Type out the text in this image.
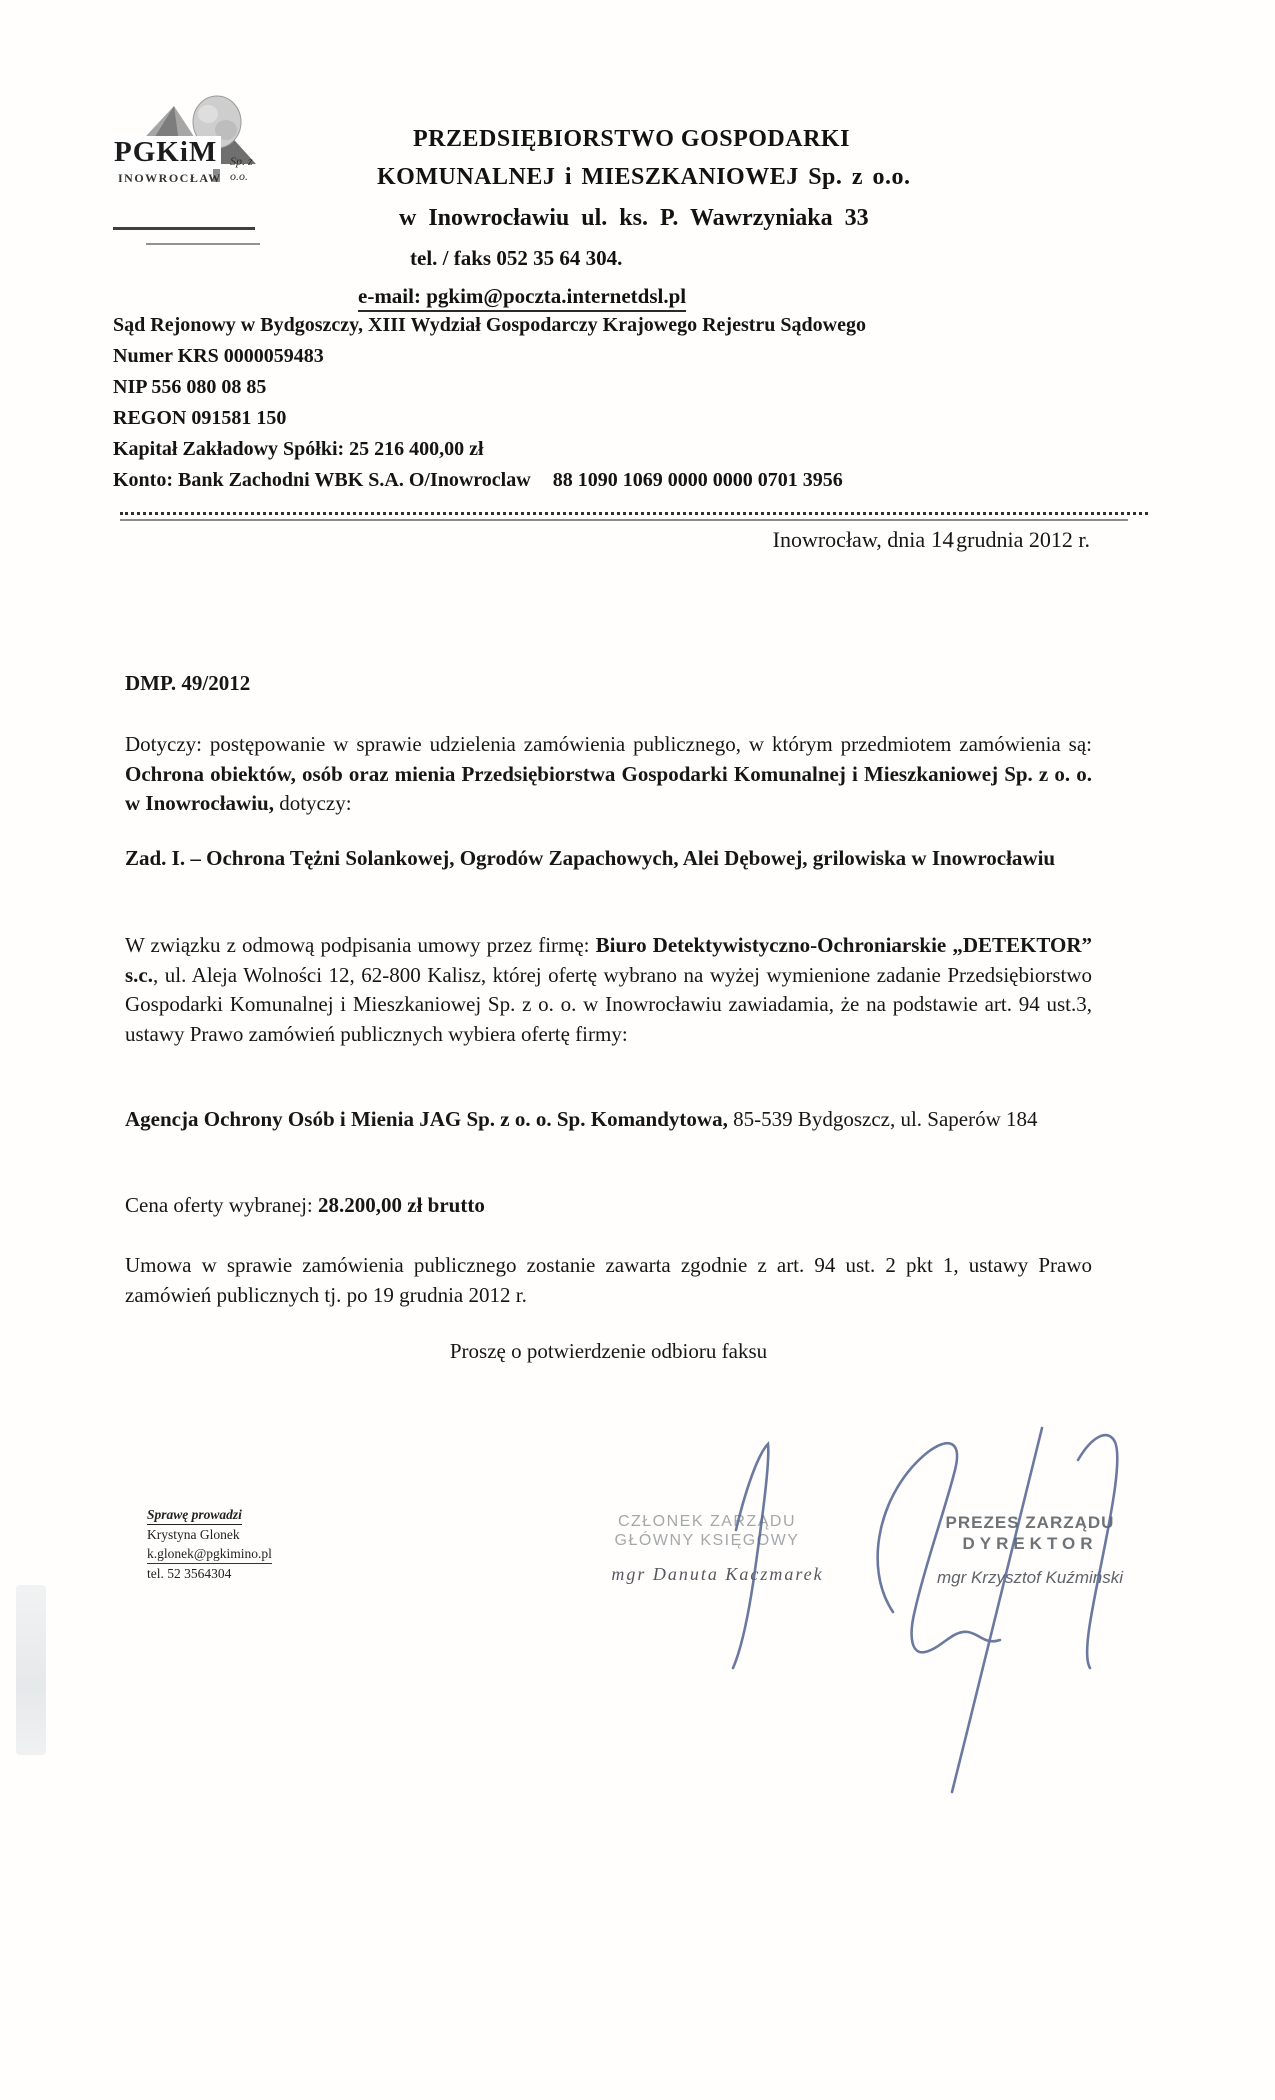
PGKiM	Sp. z o.o.
INOWROCŁAW
PRZEDSIĘBIORSTWO GOSPODARKI
KOMUNALNEJ i MIESZKANIOWEJ Sp. z o.o.
w Inowrocławiu ul. ks. P. Wawrzyniaka 33
tel. / faks 052 35 64 304.
e-mail: pgkim@poczta.internetdsl.pl
Sąd Rejonowy w Bydgoszczy, XIII Wydział Gospodarczy Krajowego Rejestru Sądowego
Numer KRS 0000059483
NIP 556 080 08 85
REGON 091581 150
Kapitał Zakładowy Spółki: 25 216 400,00 zł
Konto: Bank Zachodni WBK S.A. O/Inowroclaw 88 1090 1069 0000 0000 0701 3956
Inowrocław, dnia 14grudnia 2012 r.
DMP. 49/2012
Dotyczy: postępowanie w sprawie udzielenia zamówienia publicznego, w którym przedmiotem zamówienia są: Ochrona obiektów, osób oraz mienia Przedsiębiorstwa Gospodarki Komunalnej i Mieszkaniowej Sp. z o. o. w Inowrocławiu, dotyczy:
Zad. I. – Ochrona Tężni Solankowej, Ogrodów Zapachowych, Alei Dębowej, grilowiska w Inowrocławiu
W związku z odmową podpisania umowy przez firmę: Biuro Detektywistyczno-Ochroniarskie „DETEKTOR” s.c., ul. Aleja Wolności 12, 62-800 Kalisz, której ofertę wybrano na wyżej wymienione zadanie Przedsiębiorstwo Gospodarki Komunalnej i Mieszkaniowej Sp. z o. o. w Inowrocławiu zawiadamia, że na podstawie art. 94 ust.3, ustawy Prawo zamówień publicznych wybiera ofertę firmy:
Agencja Ochrony Osób i Mienia JAG Sp. z o. o. Sp. Komandytowa, 85-539 Bydgoszcz, ul. Saperów 184
Cena oferty wybranej: 28.200,00 zł brutto
Umowa w sprawie zamówienia publicznego zostanie zawarta zgodnie z art. 94 ust. 2 pkt 1, ustawy Prawo zamówień publicznych tj. po 19 grudnia 2012 r.
Proszę o potwierdzenie odbioru faksu
Sprawę prowadzi
Krystyna Glonek
k.glonek@pgkimino.pl
tel. 52 3564304
CZŁONEK ZARZĄDU
GŁÓWNY KSIĘGOWY
mgr Danuta Kaczmarek
PREZES ZARZĄDU
DYREKTOR
mgr Krzysztof Kuźmiński
